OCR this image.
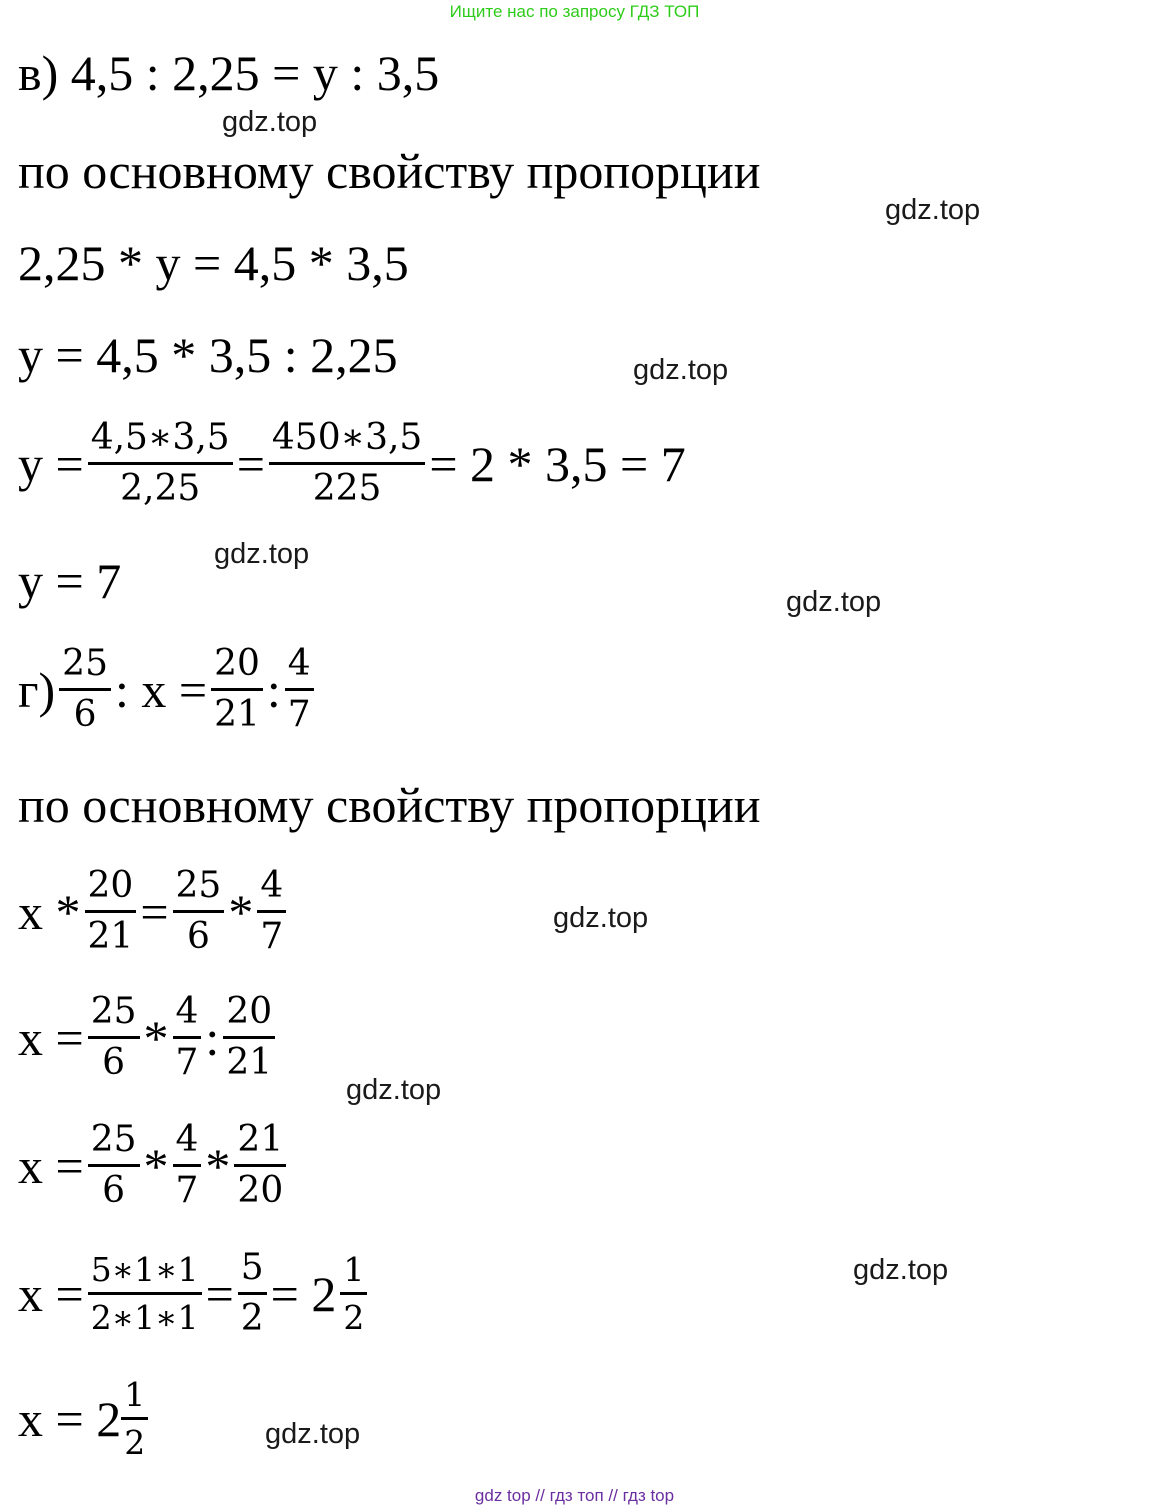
Ищите нас по запросу ГДЗ ТОП
в) 4,5 : 2,25 = у : 3,5
gdz.top
по основному свойству пропорции
gdz.top
2,25 * у = 4,5 * 3,5
у = 4,5 * 3,5 : 2,25	gdz.top
$у = \frac{4,5∗3,5}{2,25} = \frac{450∗3,5}{225} = 2 * 3,5 = 7$
gdz.top
у = 7	gdz.top
$г) \frac{25}{6}$ : $х = \frac{20}{21}$ : $\frac{4}{7}$
по основному свойству пропорции
$х * \frac{20}{21} = \frac{25}{6} * \frac{4}{7}$	gdz.top
$х = \frac{25}{6} * \frac{4}{7}$ : $\frac{20}{21}$
gdz.top
$х = \frac{25}{6} * \frac{4}{7} * \frac{21}{20}$
$х = \frac{5∗1∗1}{2∗1∗1} = \frac{5}{2} = 2 \frac{1}{2}$	gdz.top
$х = 2 \frac{1}{2}$	gdz.top
gdz top // гдз топ // гдз top
